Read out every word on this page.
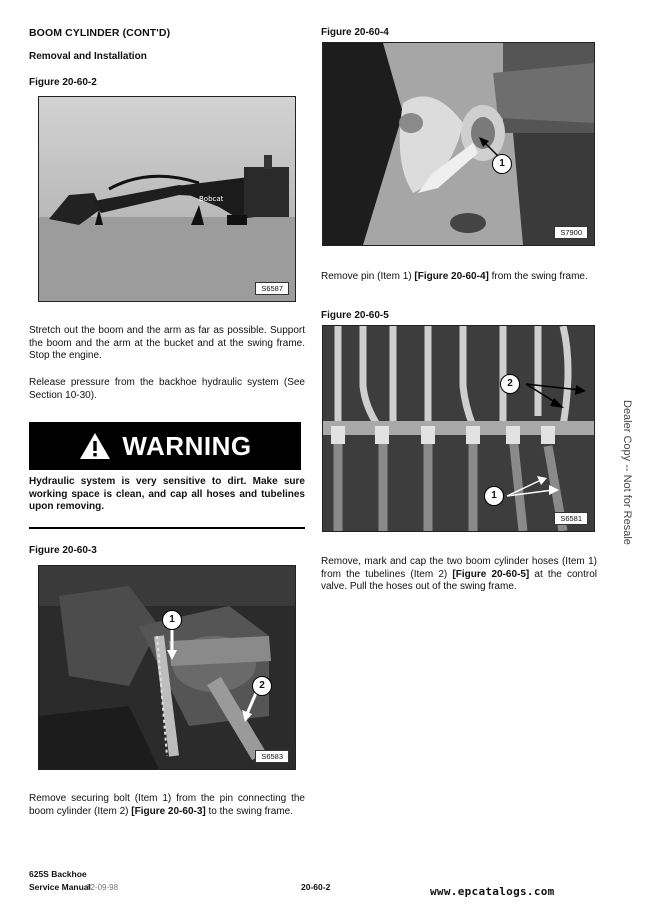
BOOM CYLINDER (CONT'D)
Removal and Installation
Figure 20-60-2
Bobcat
S6587
Stretch out the boom and the arm as far as possible. Support the boom and the arm at the bucket and at the swing frame. Stop the engine.
Release pressure from the backhoe hydraulic system (See Section 10-30).
WARNING
Hydraulic system is very sensitive to dirt. Make sure working space is clean, and cap all hoses and tubelines upon removing.
Figure 20-60-3
1
2
S6583
Remove securing bolt (Item 1) from the pin connecting the boom cylinder (Item 2) [Figure 20-60-3] to the swing frame.
Figure 20-60-4
1
S7900
Remove pin (Item 1) [Figure 20-60-4] from the swing frame.
Figure 20-60-5
2
1
S6581
Remove, mark and cap the two boom cylinder hoses (Item 1) from the tubelines (Item 2) [Figure 20-60-5] at the control valve. Pull the hoses out of the swing frame.
Dealer Copy -- Not for Resale
625S Backhoe
Service Manual
12-09-98	20-60-2	www.epcatalogs.com
